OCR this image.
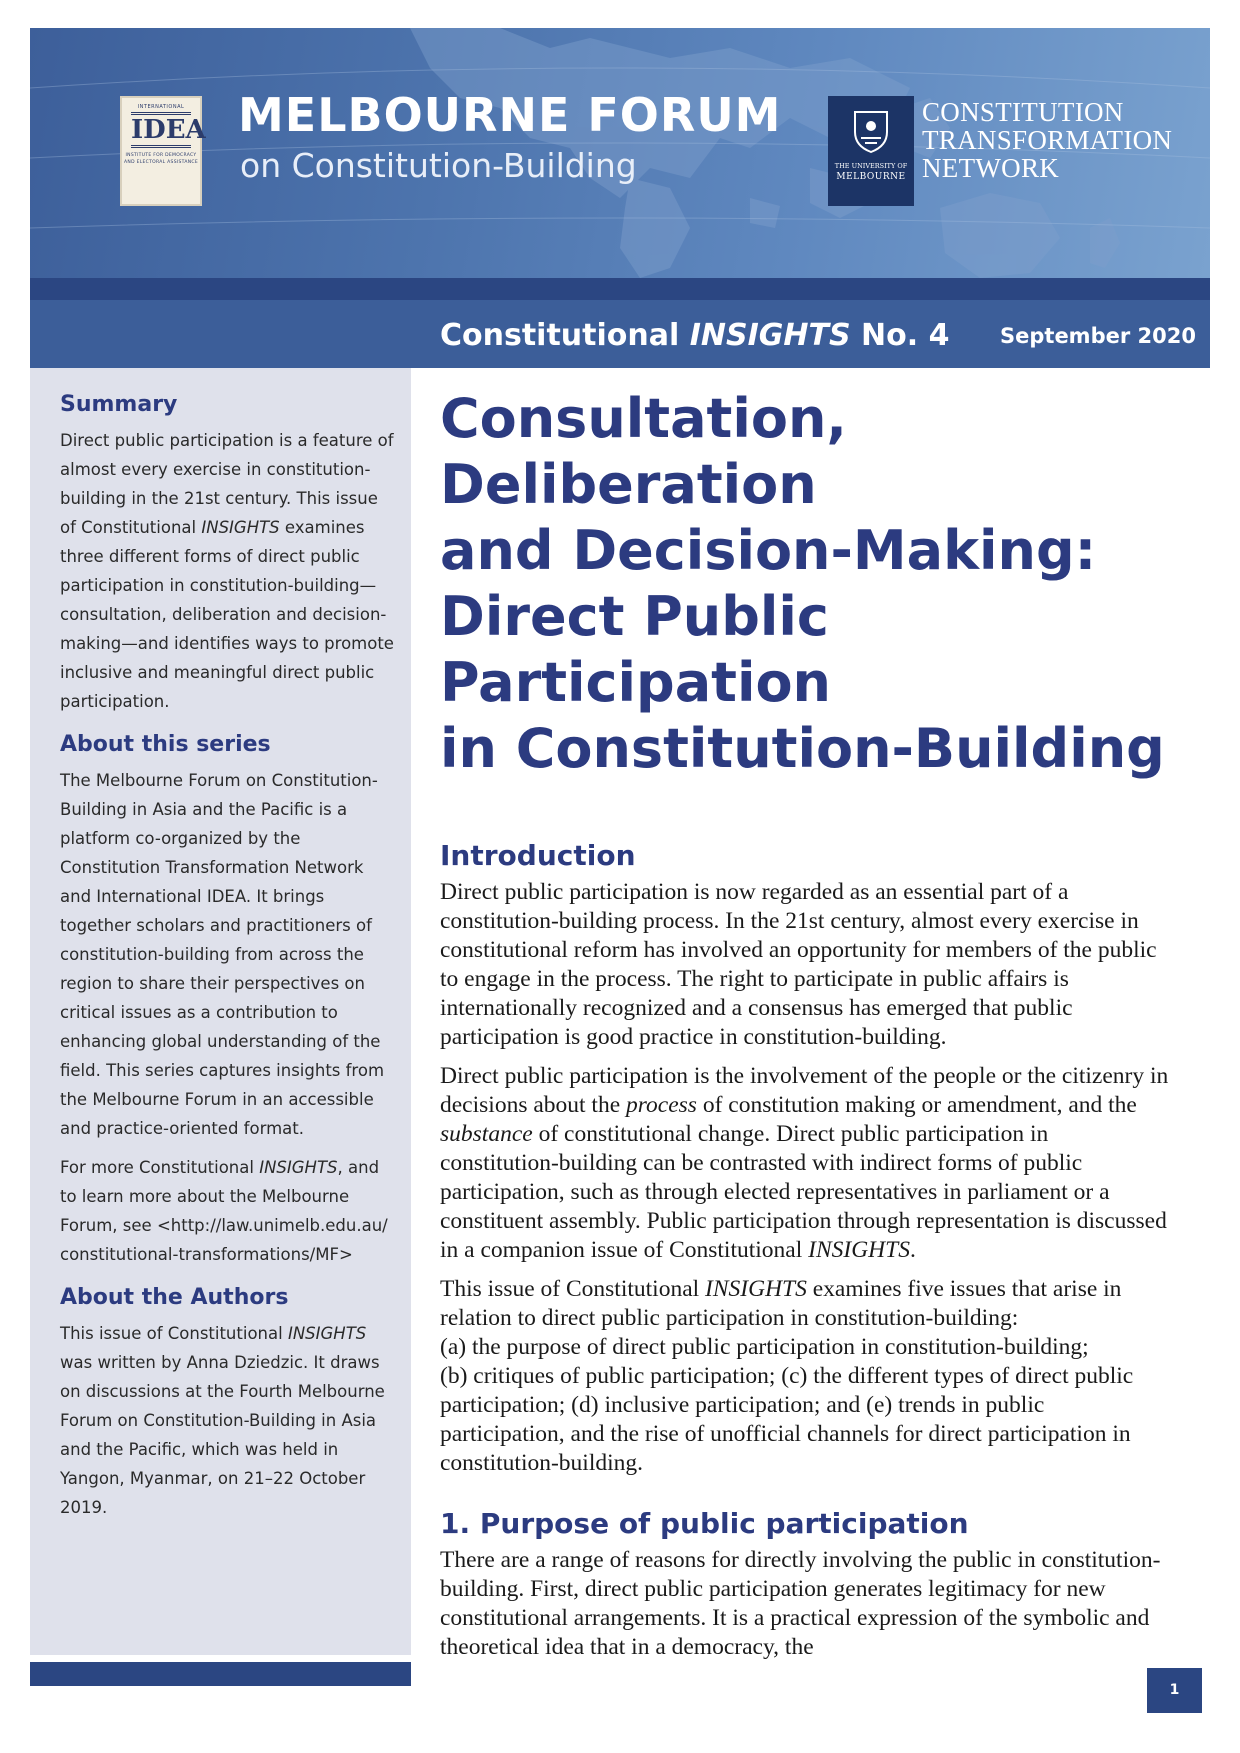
INTERNATIONAL
IDEA
INSTITUTE FOR DEMOCRACY AND ELECTORAL ASSISTANCE
MELBOURNE FORUM
on Constitution-Building	THE UNIVERSITY OF
MELBOURNE
CONSTITUTION
TRANSFORMATION
NETWORK
Constitutional INSIGHTS No. 4 September 2020
Summary

Direct public participation is a feature of almost every exercise in constitution-building in the 21st century. This issue of Constitutional INSIGHTS examines three different forms of direct public participation in constitution-building—consultation, deliberation and decision-making—and identifies ways to promote inclusive and meaningful direct public participation.

About this series

The Melbourne Forum on Constitution-Building in Asia and the Pacific is a platform co-organized by the Constitution Transformation Network and International IDEA. It brings together scholars and practitioners of constitution-building from across the region to share their perspectives on critical issues as a contribution to enhancing global understanding of the field. This series captures insights from the Melbourne Forum in an accessible and practice-oriented format.

For more Constitutional INSIGHTS, and to learn more about the Melbourne Forum, see <http://law.unimelb.edu.au/
constitutional-transformations/MF>

About the Authors

This issue of Constitutional INSIGHTS was written by Anna Dziedzic. It draws on discussions at the Fourth Melbourne Forum on Constitution-Building in Asia and the Pacific, which was held in Yangon, Myanmar, on 21–22 October 2019.

Consultation, Deliberation
and Decision-Making:
Direct Public Participation
in Constitution-Building
Introduction

Direct public participation is now regarded as an essential part of a constitution-building process. In the 21st century, almost every exercise in constitutional reform has involved an opportunity for members of the public to engage in the process. The right to participate in public affairs is internationally recognized and a consensus has emerged that public participation is good practice in constitution-building.

Direct public participation is the involvement of the people or the citizenry in decisions about the process of constitution making or amendment, and the substance of constitutional change. Direct public participation in constitution-building can be contrasted with indirect forms of public participation, such as through elected representatives in parliament or a constituent assembly. Public participation through representation is discussed in a companion issue of Constitutional INSIGHTS.

This issue of Constitutional INSIGHTS examines five issues that arise in relation to direct public participation in constitution-building:
(a) the purpose of direct public participation in constitution-building;
(b) critiques of public participation; (c) the different types of direct public participation; (d) inclusive participation; and (e) trends in public participation, and the rise of unofficial channels for direct participation in constitution-building.

1. Purpose of public participation

There are a range of reasons for directly involving the public in constitution-building. First, direct public participation generates legitimacy for new constitutional arrangements. It is a practical expression of the symbolic and theoretical idea that in a democracy, the

1
